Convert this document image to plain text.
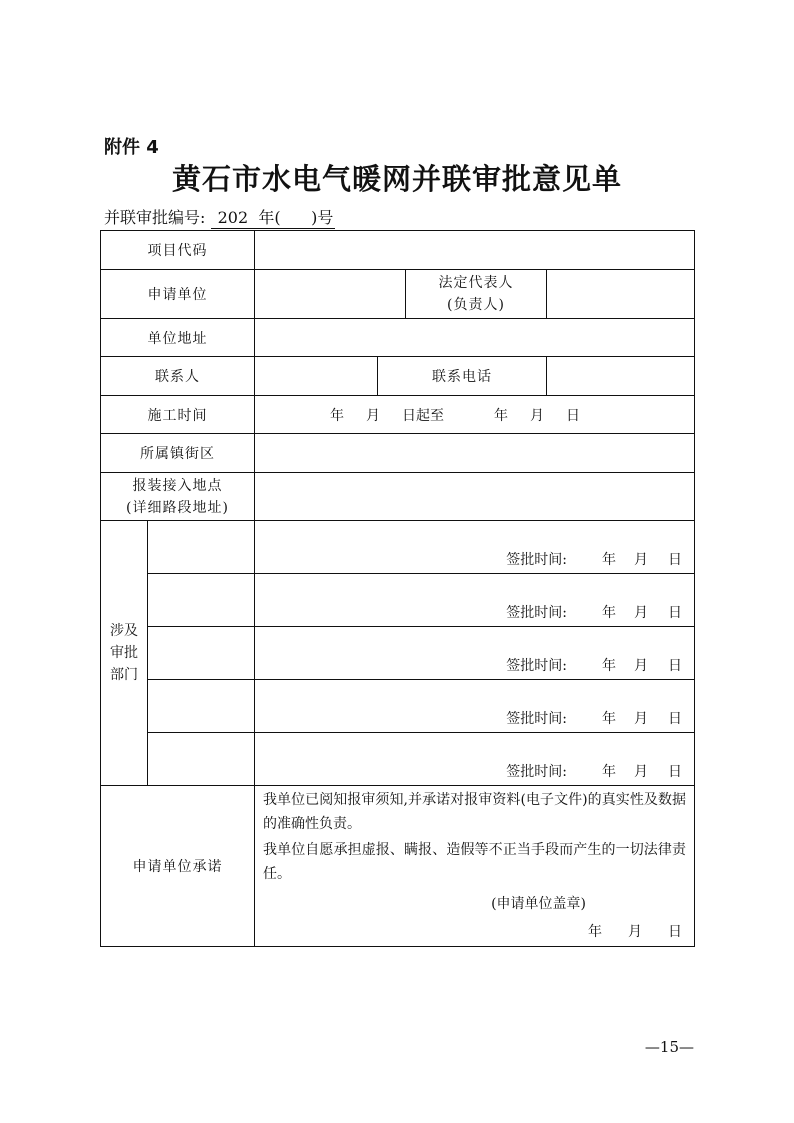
附件 4
黄石市水电气暖网并联审批意见单
并联审批编号: 202 年( )号
项目代码					
申请单位				法定代表人
(负责人)	

单位地址					
联系人			联系电话		
施工时间		年 月 日起至 年 月 日			
所属镇街区					

报装接入地点
(详细路段地址)					

涉及
审批
部门		签批时间: 年 月 日			
		签批时间: 年 月 日			
		签批时间: 年 月 日			
		签批时间: 年 月 日			
		签批时间: 年 月 日			
申请单位承诺		我单位已阅知报审须知,并承诺对报审资料(电子文件)的真实性及数据的准确性负责。

我单位自愿承担虚报、瞒报、造假等不正当手段而产生的一切法律责任。

(申请单位盖章)
年 月 日			
—15—
